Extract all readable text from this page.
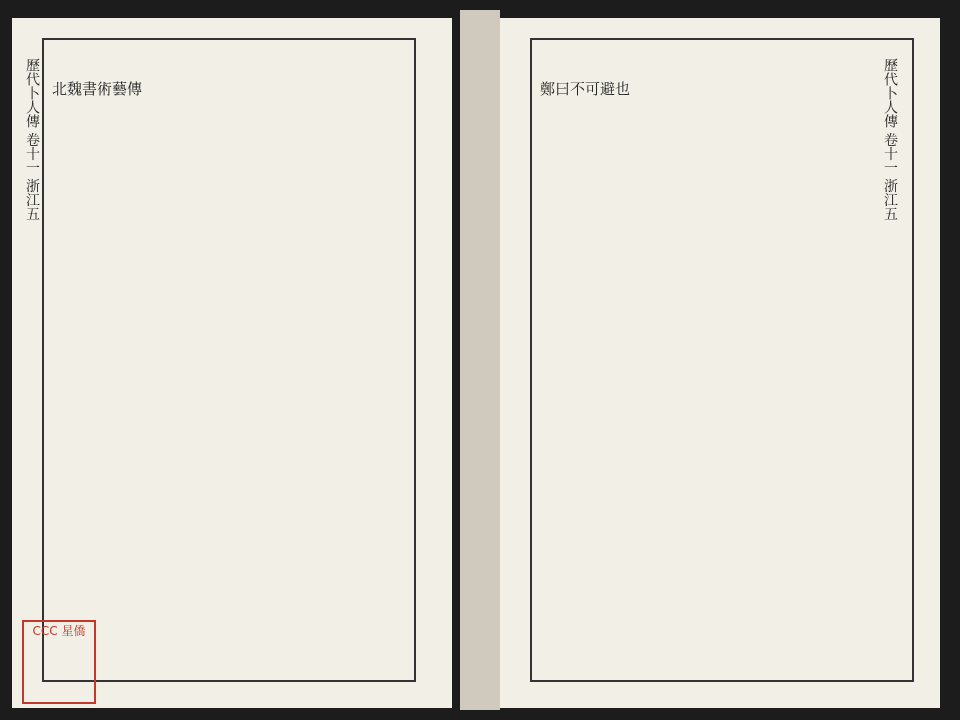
歷代卜人傳 卷十一 浙江五 北魏書術藝傳	歷代卜人傳 卷十一 浙江五
鄭曰不可避也
CCC 星僑
